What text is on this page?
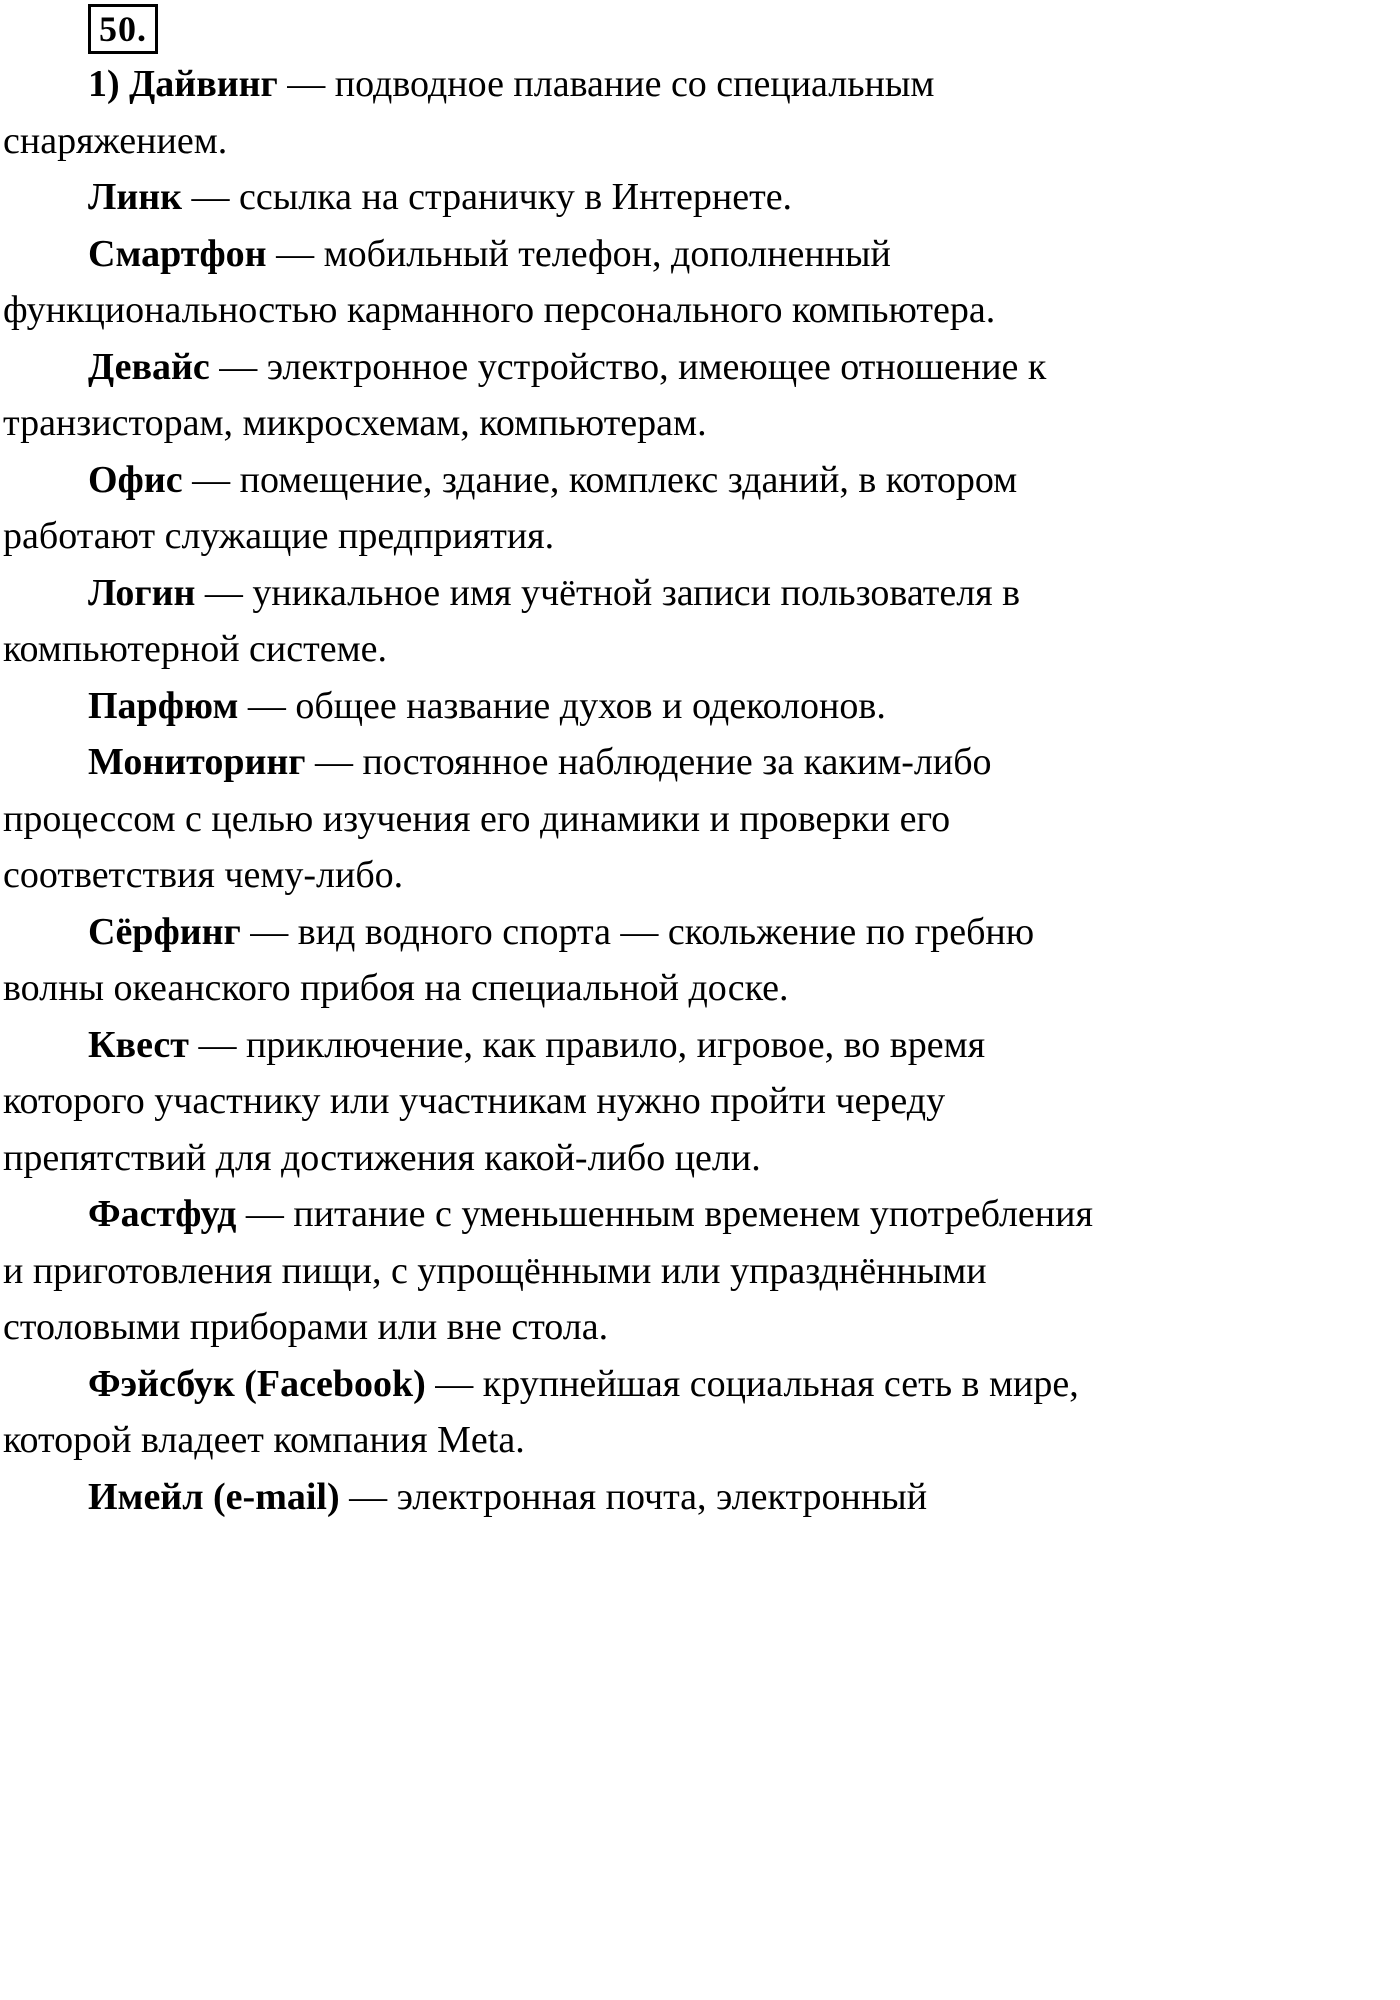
50.

1) Дайвинг — подводное плавание со специальным снаряжением.

Линк — ссылка на страничку в Интернете.

Смартфон — мобильный телефон, дополненный функциональностью карманного персонального компьютера.

Девайс — электронное устройство, имеющее отношение к транзисторам, микросхемам, компьютерам.

Офис — помещение, здание, комплекс зданий, в котором работают служащие предприятия.

Логин — уникальное имя учётной записи пользователя в компьютерной системе.

Парфюм — общее название духов и одеколонов.

Мониторинг — постоянное наблюдение за каким-либо процессом с целью изучения его динамики и проверки его соответствия чему-либо.

Сёрфинг — вид водного спорта — скольжение по гребню волны океанского прибоя на специальной доске.

Квест — приключение, как правило, игровое, во время которого участнику или участникам нужно пройти череду препятствий для достижения какой-либо цели.

Фастфуд — питание с уменьшенным временем употребления и приготовления пищи, с упрощёнными или упразднёнными столовыми приборами или вне стола.

Фэйсбук (Facebook) — крупнейшая социальная сеть в мире, которой владеет компания Meta.

Имейл (e-mail) — электронная почта, электронный
